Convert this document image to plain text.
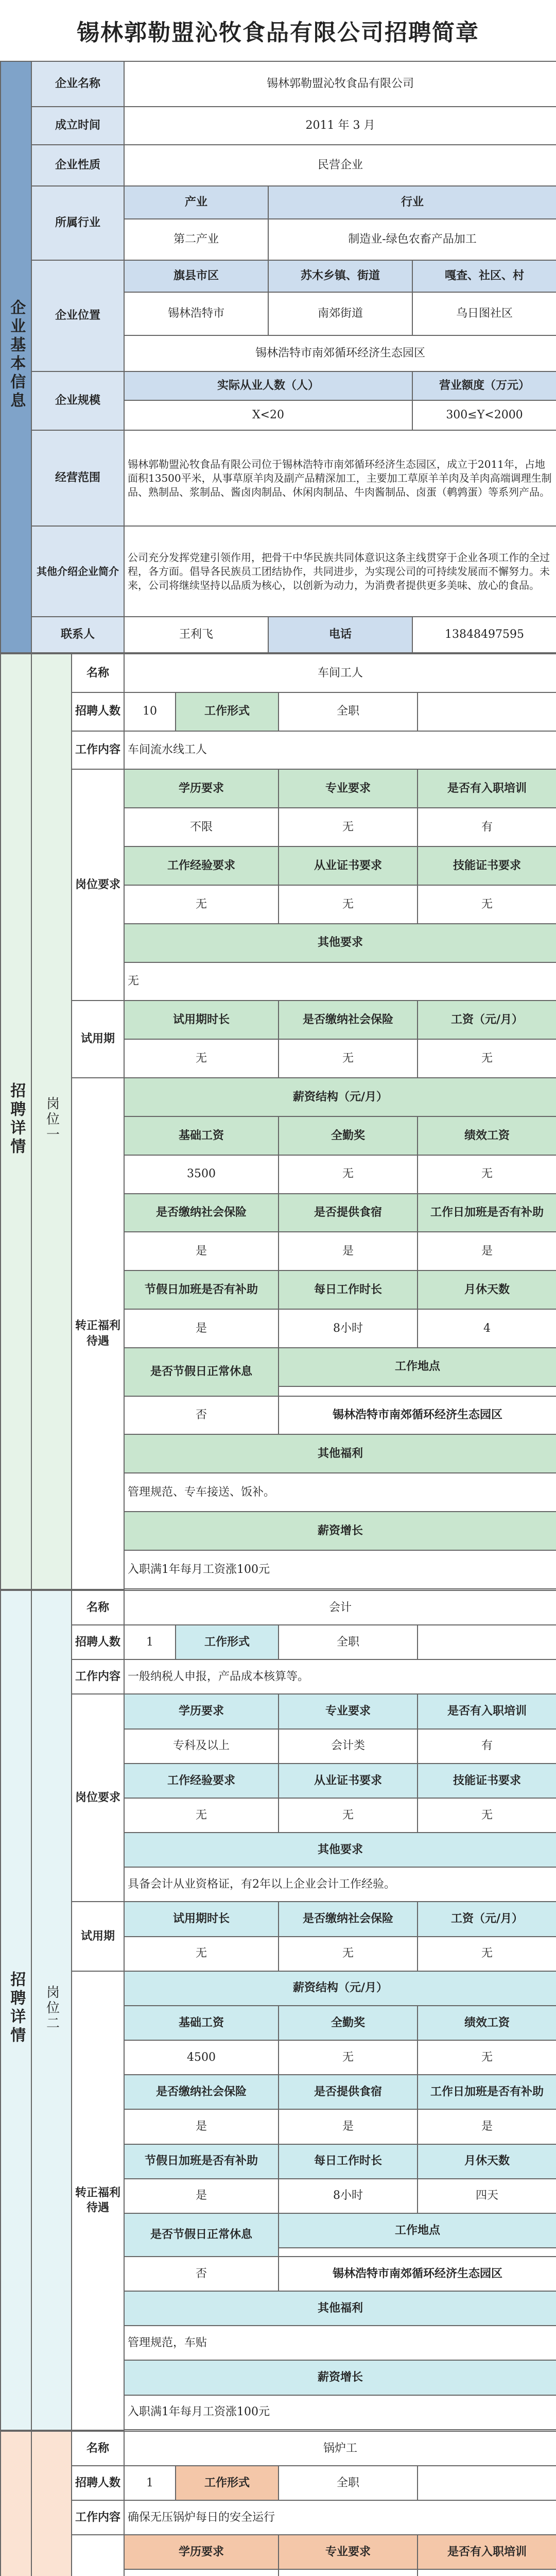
锡林郭勒盟沁牧食品有限公司招聘简章
企业基本信息	企业名称	锡林郭勒盟沁牧食品有限公司		
	成立时间	2011 年 3 月		
	企业性质	民营企业		
	所属行业	产业	行业	
		第二产业	制造业-绿色农畜产品加工	
	企业位置	旗县市区	苏木乡镇、街道	嘎查、社区、村
		锡林浩特市	南郊街道	乌日图社区
		锡林浩特市南郊循环经济生态园区		
	企业规模	实际从业人数（人）		营业额度（万元）
		X<20		300≤Y<2000
	经营范围	锡林郭勒盟沁牧食品有限公司位于锡林浩特市南郊循环经济生态园区，成立于2011年，占地面积13500平米，从事草原羊肉及副产品精深加工，主要加工草原羊羊肉及羊肉高端调理生制品、熟制品、浆制品、酱卤肉制品、休闲肉制品、牛肉酱制品、卤蛋（鹌鹑蛋）等系列产品。		
	其他介绍企业简介	公司充分发挥党建引领作用，把骨干中华民族共同体意识这条主线贯穿于企业各项工作的全过程，各方面。倡导各民族员工团结协作，共同进步，为实现公司的可持续发展而不懈努力。未来，公司将继续坚持以品质为核心，以创新为动力，为消费者提供更多美味、放心的食品。		
	联系人	王利飞	电话	13848497595
招聘详情	岗位一	名称	车间工人			
		招聘人数	10	工作形式	全职	
		工作内容	车间流水线工人			
		岗位要求	学历要求		专业要求	是否有入职培训
			不限		无	有
			工作经验要求		从业证书要求	技能证书要求
			无		无	无
			其他要求			
			无			
		试用期	试用期时长		是否缴纳社会保险	工资（元/月）
			无		无	无
		转正福利待遇	薪资结构（元/月）			
			基础工资		全勤奖	绩效工资
			3500		无	无
			是否缴纳社会保险		是否提供食宿	工作日加班是否有补助
			是		是	是
			节假日加班是否有补助		每日工作时长	月休天数
			是		8小时	4
			是否节假日正常休息		工作地点	

			否		锡林浩特市南郊循环经济生态园区	
			其他福利			
			管理规范、专车接送、饭补。			
			薪资增长			
			入职满1年每月工资涨100元			

招聘详情	岗位二	名称	会计			
		招聘人数	1	工作形式	全职	
		工作内容	一般纳税人申报，产品成本核算等。			
		岗位要求	学历要求		专业要求	是否有入职培训
			专科及以上		会计类	有
			工作经验要求		从业证书要求	技能证书要求
			无		无	无
			其他要求			
			具备会计从业资格证，有2年以上企业会计工作经验。			
		试用期	试用期时长		是否缴纳社会保险	工资（元/月）
			无		无	无
		转正福利待遇	薪资结构（元/月）			
			基础工资		全勤奖	绩效工资
			4500		无	无
			是否缴纳社会保险		是否提供食宿	工作日加班是否有补助
			是		是	是
			节假日加班是否有补助		每日工作时长	月休天数
			是		8小时	四天
			是否节假日正常休息		工作地点	

			否		锡林浩特市南郊循环经济生态园区	
			其他福利			
			管理规范，车贴			
			薪资增长			
			入职满1年每月工资涨100元			

		名称	锅炉工			
		招聘人数	1	工作形式	全职	
		工作内容	确保无压锅炉每日的安全运行			
	学历要求		专业要求	是否有入职培训
